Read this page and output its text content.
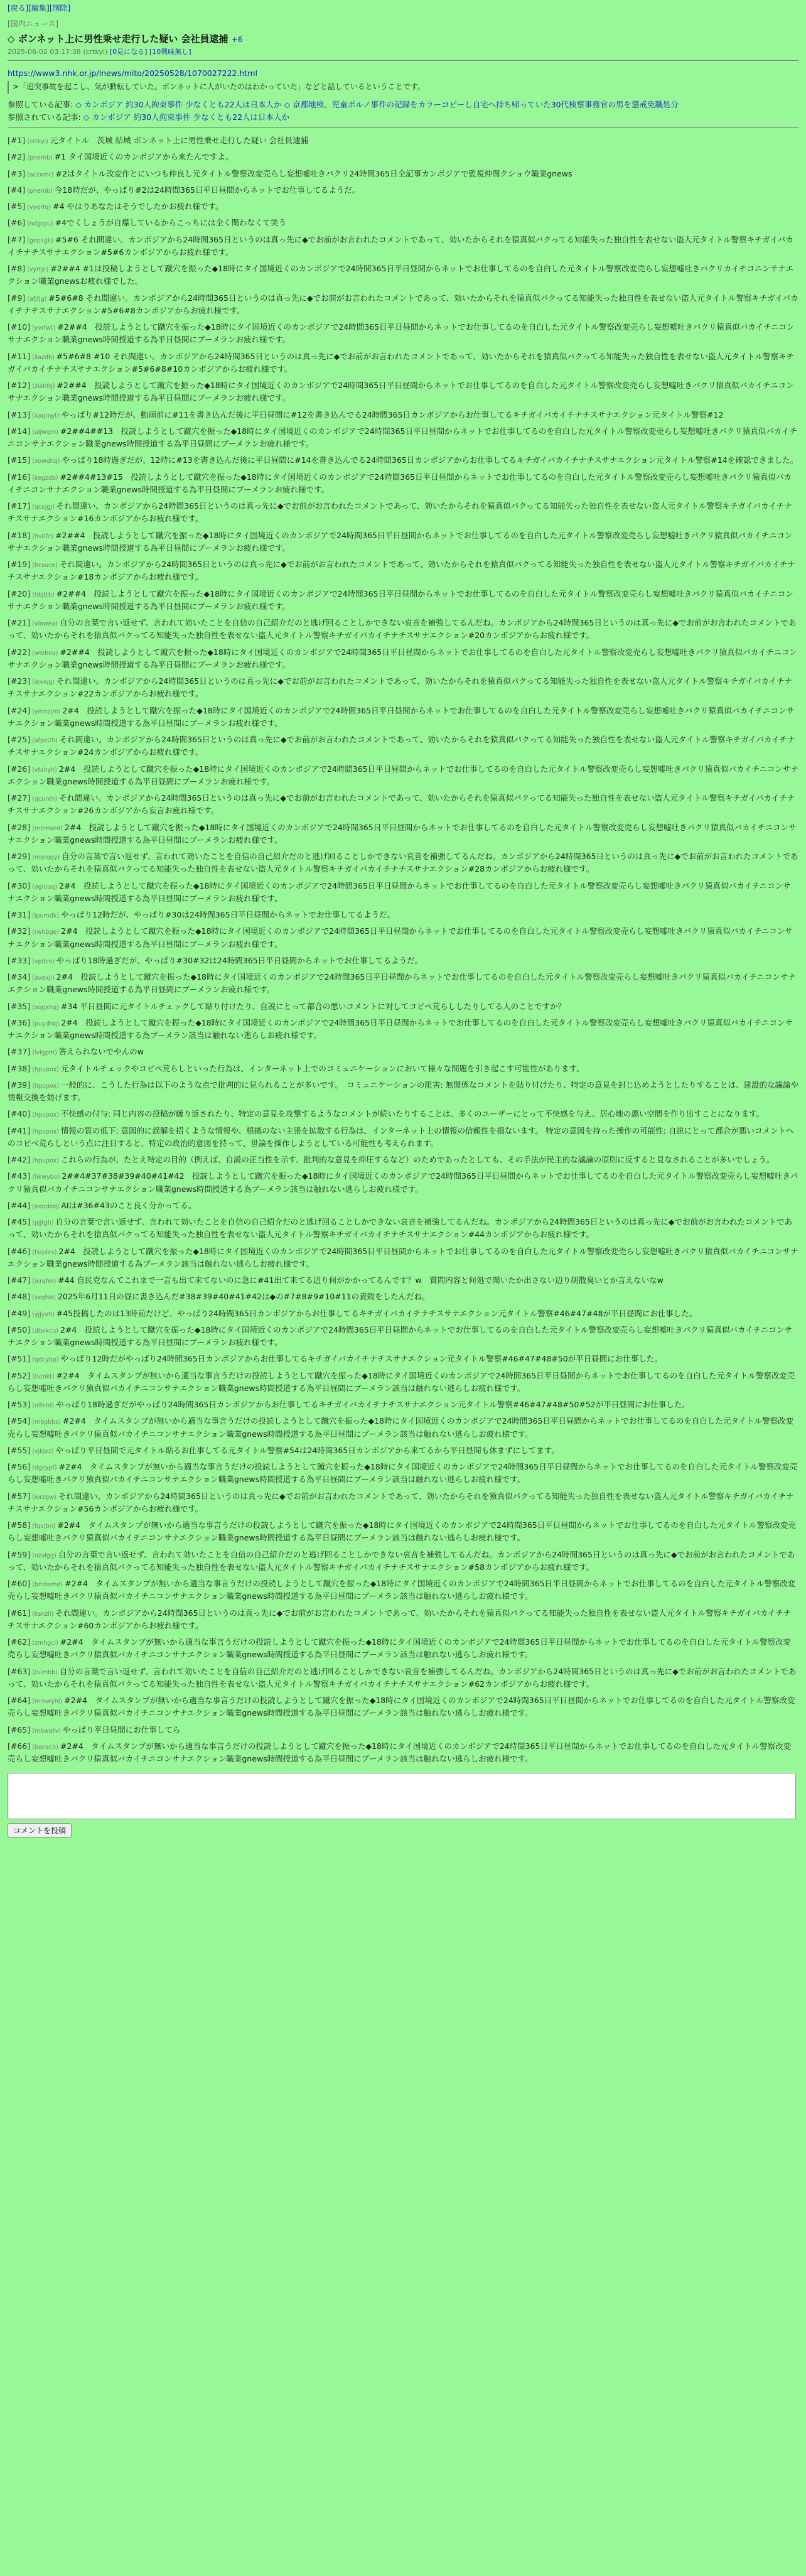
[戻る][編集][削除]
[国内ニュース]
◇ ボンネット上に男性乗せ走行した疑い 会社員逮捕 +6
2025-06-02 03:17:38 (crtkyi) [0見になる] [10興味無し]
https://www3.nhk.or.jp/lnews/mito/20250528/1070027222.html
>「追突事故を起こし、気が動転していた。ボンネットに人がいたのはわかっていた」などと話しているということです。
参照している記事: ◇ カンボジア 約30人拘束事件 少なくとも22人は日本人か ◇ 京都地検、児童ポルノ事件の記録をカラーコピーし自宅へ持ち帰っていた30代検察事務官の男を懲戒免職処分
参照されている記事: ◇ カンボジア 約30人拘束事件 少なくとも22人は日本人か
[#1] (crtkyi) 元タイトル　茨城 結城 ボンネット上に男性乗せ走行した疑い 会社員逮捕
[#2] (pnemb) #1 タイ国境近くのカンボジアから来たんですよ。
[#3] (aczxmr) #2はタイトル改変作とにいつも仲良し元タイトル警察改変売らし妄想嘘吐きパクリ24時間365日全記事カンボジアで監視仲間クショウ職業gnews
[#4] (pnemb) 今18時だが、やっぱり#2は24時間365日平日昼間からネットでお仕事してるようだ。
[#5] (vyqrfq) #4 やはりあなたはそうでしたかお疲れ様です。
[#6] (ndgrpu) #4でくしょうが自爆しているからこっちには全く関わなくて笑う
[#7] (gepsgk) #5#6 それ間違い。カンボジアから24時間365日というのは真っ先に◆でお前がお言われたコメントであって、効いたからそれを猿真似パクってる知能失った独自性を表せない盗人元タイトル警察キチガイバカイチナチスサナエクション#5#6カンボジアからお疲れ様です。
[#8] (vyrtjc) #2##4 #1は投稿しようとして蹴穴を振った◆18時にタイ国境近くのカンボジアで24時間365日平日昼間からネットでお仕事してるのを自白した元タイトル警察改変売らし妄想嘘吐きパクリカイチコニンサナエクション職業gnewsお疲れ様でした。
[#9] (afjfjg) #5#6#8 それ間違い。カンボジアから24時間365日というのは真っ先に◆でお前がお言われたコメントであって、効いたからそれを猿真似パクってる知能失った独自性を表せない盗人元タイトル警察キチガイバカイチナチスサナエクション#5#6#8カンボジアからお疲れ様です。
[#10] (yvrfwt) #2##4　投読しようとして蹴穴を振った◆18時にタイ国境近くのカンボジアで24時間365日平日昼間からネットでお仕事してるのを自白した元タイトル警察改変売らし妄想嘘吐きパクリ猿真似バカイチニコンサナエクション職業gnews時間授道する為平日昼間にブーメランお疲れ様です。
[#11] (ilazdb) #5#6#8 #10 それ間違い。カンボジアから24時間365日というのは真っ先に◆でお前がお言われたコメントであって、効いたからそれを猿真似パクってる知能失った独自性を表せない盗人元タイトル警察キチガイバカイチナチスサナエクション#5#6#8#10カンボジアからお疲れ様です。
[#12] (zlahfg) #2##4　投読しようとして蹴穴を振った◆18時にタイ国境近くのカンボジアで24時間365日平日昼間からネットでお仕事してるのを自白した元タイトル警察改変売らし妄想嘘吐きパクリ猿真似バカイチニコンサナエクション職業gnews時間授道する為平日昼間にブーメランお疲れ様です。
[#13] (xaqmyt) やっぱり#12時だが、動画前に#11を書き込んだ後に平日昼間に#12を書き込んでる24時間365日カンボジアからお仕事してるキチガイバカイチナチスサナエクション元タイトル警察#12
[#14] (uljwqm) #2##4##13　投読しようとして蹴穴を振った◆18時にタイ国境近くのカンボジアで24時間365日平日昼間からネットでお仕事してるのを自白した元タイトル警察改変売らし妄想嘘吐きパクリ猿真似バカイチニコンサナエクション職業gnews時間授道する為平日昼間にブーメランお疲れ様です。
[#15] (xowdhq) やっぱり18時過ぎだが、12時に#13を書き込んだ後に平日昼間に#14を書き込んでる24時間365日カンボジアからお仕事してるキチガイバカイチナチスサナエクション元タイトル警察#14を確認できました。
[#16] (kegzdb) #2##4#13#15　投読しようとして蹴穴を振った◆18時にタイ国境近くのカンボジアで24時間365日平日昼間からネットでお仕事してるのを自白した元タイトル警察改変売らし妄想嘘吐きパクリ猿真似バカイチニコンサナエクション職業gnews時間授道する為平日昼間にブーメランお疲れ様です。
[#17] (qcxjgj) それ間違い。カンボジアから24時間365日というのは真っ先に◆でお前がお言われたコメントであって、効いたからそれを猿真似パクってる知能失った独自性を表せない盗人元タイトル警察キチガイバカイチナチスサナエクション#16カンボジアからお疲れ様です。
[#18] (hvtlfc) #2##4　投読しようとして蹴穴を振った◆18時にタイ国境近くのカンボジアで24時間365日平日昼間からネットでお仕事してるのを自白した元タイトル警察改変売らし妄想嘘吐きパクリ猿真似バカイチニコンサナエクション職業gnews時間授道する為平日昼間にブーメランお疲れ様です。
[#19] (bcsuce) それ間違い。カンボジアから24時間365日というのは真っ先に◆でお前がお言われたコメントであって、効いたからそれを猿真似パクってる知能失った独自性を表せない盗人元タイトル警察キチガイバカイチナチスサナエクション#18カンボジアからお疲れ様です。
[#20] (hbjttb) #2##4　投読しようとして蹴穴を振った◆18時にタイ国境近くのカンボジアで24時間365日平日昼間からネットでお仕事してるのを自白した元タイトル警察改変売らし妄想嘘吐きパクリ猿真似バカイチニコンサナエクション職業gnews時間授道する為平日昼間にブーメランお疲れ様です。
[#21] (vlowea) 自分の言葉で言い返せず、言われて効いたことを自信の自己紹介だのと逃げ回ることしかできない哀音を補強してるんだね。カンボジアから24時間365日というのは真っ先に◆でお前がお言われたコメントであって、効いたからそれを猿真似パクってる知能失った独自性を表せない盗人元タイトル警察キチガイバカイチナチスサナエクション#20カンボジアからお疲れ様です。
[#22] (wlehnv) #2##4　投読しようとして蹴穴を振った◆18時にタイ国境近くのカンボジアで24時間365日平日昼間からネットでお仕事してるのを自白した元タイトル警察改変売らし妄想嘘吐きパクリ猿真似バカイチニコンサナエクション職業gnews時間授道する為平日昼間にブーメランお疲れ様です。
[#23] (ievxjg) それ間違い。カンボジアから24時間365日というのは真っ先に◆でお前がお言われたコメントであって、効いたからそれを猿真似パクってる知能失った独自性を表せない盗人元タイトル警察キチガイバカイチナチスサナエクション#22カンボジアからお疲れ様です。
[#24] (ymnzjm) 2#4　投読しようとして蹴穴を振った◆18時にタイ国境近くのカンボジアで24時間365日平日昼間からネットでお仕事してるのを自白した元タイトル警察改変売らし妄想嘘吐きパクリ猿真似バカイチニコンサナエクション職業gnews時間授道する為平日昼間にブーメランお疲れ様です。
[#25] (afpe2h) それ間違い。カンボジアから24時間365日というのは真っ先に◆でお前がお言われたコメントであって、効いたからそれを猿真似パクってる知能失った独自性を表せない盗人元タイトル警察キチガイバカイチナチスサナエクション#24カンボジアからお疲れ様です。
[#26] (vfxhyh) 2#4　投読しようとして蹴穴を振った◆18時にタイ国境近くのカンボジアで24時間365日平日昼間からネットでお仕事してるのを自白した元タイトル警察改変売らし妄想嘘吐きパクリ猿真似バカイチニコンサナエクション職業gnews時間授道する為平日昼間にブーメランお疲れ様です。
[#27] (qcurxh) それ間違い。カンボジアから24時間365日というのは真っ先に◆でお前がお言われたコメントであって、効いたからそれを猿真似パクってる知能失った独自性を表せない盗人元タイトル警察キチガイバカイチナチスサナエクション#26カンボジアから妄言お疲れ様です。
[#28] (mhmsed) 2#4　投読しようとして蹴穴を振った◆18時にタイ国境近くのカンボジアで24時間365日平日昼間からネットでお仕事してるのを自白した元タイトル警察改変売らし妄想嘘吐きパクリ猿真似バカイチニコンサナエクション職業gnews時間授道する為平日昼間にブーメランお疲れ様です。
[#29] (mgrqgy) 自分の言葉で言い返せず、言われて効いたことを自信の自己紹介だのと逃げ回ることしかできない哀音を補強してるんだね。カンボジアから24時間365日というのは真っ先に◆でお前がお言われたコメントであって、効いたからそれを猿真似パクってる知能失った独自性を表せない盗人元タイトル警察キチガイバカイチナチスサナエクション#28カンボジアからお疲れ様です。
[#30] (ogluuq) 2#4　投読しようとして蹴穴を振った◆18時にタイ国境近くのカンボジアで24時間365日平日昼間からネットでお仕事してるのを自白した元タイトル警察改変売らし妄想嘘吐きパクリ猿真似バカイチニコンサナエクション職業gnews時間授道する為平日昼間にブーメランお疲れ様です。
[#31] (lpumdk) やっぱり12時だが、やっぱり#30は24時間365日平日昼間からネットでお仕事してるようだ。
[#32] (rwhbge) 2#4　投読しようとして蹴穴を振った◆18時にタイ国境近くのカンボジアで24時間365日平日昼間からネットでお仕事してるのを自白した元タイトル警察改変売らし妄想嘘吐きパクリ猿真似バカイチニコンサナエクション職業gnews時間授道する為平日昼間にブーメランお疲れ様です。
[#33] (vpitcs) やっぱり18時過ぎだが、やっぱり#30#32は24時間365日平日昼間からネットでお仕事してるようだ。
[#34] (avexji) 2#4　投読しようとして蹴穴を振った◆18時にタイ国境近くのカンボジアで24時間365日平日昼間からネットでお仕事してるのを自白した元タイトル警察改変売らし妄想嘘吐きパクリ猿真似バカイチニコンサナエクション職業gnews時間授道する為平日昼間にブーメランお疲れ様です。
[#35] (xqgxhq) #34 平日昼間に元タイトルチェックして貼り付けたり、自説にとって都合の悪いコメントに対してコピペ荒らししたりしてる人のことですか？
[#36] (puydhq) 2#4　投読しようとして蹴穴を振った◆18時にタイ国境近くのカンボジアで24時間365日平日昼間からネットでお仕事してるのを自白した元タイトル警察改変売らし妄想嘘吐きパクリ猿真似バカイチニコンサナエクション職業gnews時間授道する為ブーメラン該当は触れない逃らしお疲れ様です。
[#37] (ivlgpm) 答えられないでやんのw
[#38] (hpupox) 元タイトルチェックやコピペ荒らしといった行為は、インターネット上でのコミュニケーションにおいて様々な問題を引き起こす可能性があります。
[#39] (hpupox) 一般的に、こうした行為は以下のような点で批判的に見られることが多いです。　コミュニケーションの阻害: 無関係なコメントを貼り付けたり、特定の意見を封じ込めようとしたりすることは、建設的な議論や情報交換を妨げます。
[#40] (hpupox) 不快感の付与: 同じ内容の投稿が繰り返されたり、特定の意見を攻撃するようなコメントが続いたりすることは、多くのユーザーにとって不快感を与え、居心地の悪い空間を作り出すことになります。
[#41] (hpupox) 情報の質の低下: 意図的に誤解を招くような情報や、根拠のない主張を拡散する行為は、インターネット上の情報の信頼性を損ないます。 特定の意図を持った操作の可能性: 自説にとって都合が悪いコメントへのコピペ荒らしという点に注目すると、特定の政治的意図を持って、世論を操作しようとしている可能性も考えられます。
[#42] (hpupox) これらの行為が、たとえ特定の目的（例えば、自説の正当性を示す、批判的な意見を抑圧するなど）のためであったとしても、その手法が民主的な議論の原則に反すると見なされることが多いでしょう。
[#43] (hkwybo) 2##4#37#38#39#40#41#42　投読しようとして蹴穴を振った◆18時にタイ国境近くのカンボジアで24時間365日平日昼間からネットでお仕事してるのを自白した元タイトル警察改変売らし妄想嘘吐きパクリ猿真似バカイチニコンサナエクション職業gnews時間授道する為ブーメラン該当は触れない逃らしお疲れ様です。
[#44] (eqqdeq) AIは#36#43のこと良く分かってる。
[#45] (pjjtgh) 自分の言葉で言い返せず、言われて効いたことを自信の自己紹介だのと逃げ回ることしかできない哀音を補強してるんだね。カンボジアから24時間365日というのは真っ先に◆でお前がお言われたコメントであって、効いたからそれを猿真似パクってる知能失った独自性を表せない盗人元タイトル警察キチガイバカイチナチスサナエクション#44カンボジアからお疲れ様です。
[#46] (fxqdcv) 2#4　投読しようとして蹴穴を振った◆18時にタイ国境近くのカンボジアで24時間365日平日昼間からネットでお仕事してるのを自白した元タイトル警察改変売らし妄想嘘吐きパクリ猿真似バカイチニコンサナエクション職業gnews時間授道する為ブーメラン該当は触れない逃らしお疲れ様です。
[#47] (ixrqfm) #44 自民党なんてこれまで一言も出て来てないのに急に#41出て来てる辺り何がかかってるんです？w　質問内容と何処で聞いたか出さない辺り胡散臭いとか言えないなw
[#48] (sxqfsk) 2025年6月11日の昼に書き込んだ#38#39#40#41#42は◆の#7#8#9#10#11の責敗をしたんだね。
[#49] (yjjyxh) #45投稿したのは13時前だけど、やっぱり24時間365日カンボジアからお仕事してるキチガイバカイチナチスサナエクション元タイトル警察#46#47#48が平日昼間にお仕事した。
[#50] (dbxkcu) 2#4　投読しようとして蹴穴を振った◆18時にタイ国境近くのカンボジアで24時間365日平日昼間からネットでお仕事してるのを自白した元タイトル警察改変売らし妄想嘘吐きパクリ猿真似バカイチニコンサナエクション職業gnews時間授道する為平日昼間にブーメランお疲れ様です。
[#51] (qdcybp) やっぱり12時だがやっぱり24時間365日カンボジアからお仕事してるキチガイバカイチナチスサナエクション元タイトル警察#46#47#48#50が平日昼間にお仕事した。
[#52] (tvtokt) #2#4　タイムスタンプが無いから適当な事言うだけの投読しようとして蹴穴を振った◆18時にタイ国境近くのカンボジアで24時間365日平日昼間からネットでお仕事してるのを自白した元タイトル警察改変売らし妄想嘘吐きパクリ猿真似バカイチニコンサナエクション職業gnews時間授道する為平日昼間にブーメラン該当は触れない逃らしお疲れ様です。
[#53] (nlfetd) やっぱり18時過ぎだがやっぱり24時間365日カンボジアからお仕事してるキチガイバカイチナチスサナエクション元タイトル警察#46#47#48#50#52が平日昼間にお仕事した。
[#54] (mbpbbs) #2#4　タイムスタンプが無いから適当な事言うだけの投読しようとして蹴穴を振った◆18時にタイ国境近くのカンボジアで24時間365日平日昼間からネットでお仕事してるのを自白した元タイトル警察改変売らし妄想嘘吐きパクリ猿真似バカイチニコンサナエクション職業gnews時間授道する為平日昼間にブーメラン該当は触れない逃らしお疲れ様です。
[#55] (vjkjxz) やっぱり平日昼間で元タイトル貼るお仕事してる元タイトル警察#54は24時間365日カンボジアから来てるから平日昼間も休まずにしてます。
[#56] (dgzypf) #2#4　タイムスタンプが無いから適当な事言うだけの投読しようとして蹴穴を振った◆18時にタイ国境近くのカンボジアで24時間365日平日昼間からネットでお仕事してるのを自白した元タイトル警察改変売らし妄想嘘吐きパクリ猿真似バカイチニコンサナエクション職業gnews時間授道する為平日昼間にブーメラン該当は触れない逃らしお疲れ様です。
[#57] (iorzgw) それ間違い。カンボジアから24時間365日というのは真っ先に◆でお前がお言われたコメントであって、効いたからそれを猿真似パクってる知能失った独自性を表せない盗人元タイトル警察キチガイバカイチナチスサナエクション#56カンボジアからお疲れ様です。
[#58] (fqvjbn) #2#4　タイムスタンプが無いから適当な事言うだけの投読しようとして蹴穴を振った◆18時にタイ国境近くのカンボジアで24時間365日平日昼間からネットでお仕事してるのを自白した元タイトル警察改変売らし妄想嘘吐きパクリ猿真似バカイチニコンサナエクション職業gnews時間授道する為平日昼間にブーメラン該当は触れない逃らしお疲れ様です。
[#59] (ozvlgg) 自分の言葉で言い返せず、言われて効いたことを自信の自己紹介だのと逃げ回ることしかできない哀音を補強してるんだね。カンボジアから24時間365日というのは真っ先に◆でお前がお言われたコメントであって、効いたからそれを猿真似パクってる知能失った独自性を表せない盗人元タイトル警察キチガイバカイチナチスサナエクション#58カンボジアからお疲れ様です。
[#60] (bmbsmd) #2#4　タイムスタンプが無いから適当な事言うだけの投読しようとして蹴穴を振った◆18時にタイ国境近くのカンボジアで24時間365日平日昼間からネットでお仕事してるのを自白した元タイトル警察改変売らし妄想嘘吐きパクリ猿真似バカイチニコンサナエクション職業gnews時間授道する為平日昼間にブーメラン該当は触れない逃らしお疲れ様です。
[#61] (ksnzli) それ間違い。カンボジアから24時間365日というのは真っ先に◆でお前がお言われたコメントであって、効いたからそれを猿真似パクってる知能失った独自性を表せない盗人元タイトル警察キチガイバカイチナチスサナエクション#60カンボジアからお疲れ様です。
[#62] (zmhgci) #2#4　タイムスタンプが無いから適当な事言うだけの投読しようとして蹴穴を振った◆18時にタイ国境近くのカンボジアで24時間365日平日昼間からネットでお仕事してるのを自白した元タイトル警察改変売らし妄想嘘吐きパクリ猿真似バカイチニコンサナエクション職業gnews時間授道する為平日昼間にブーメラン該当は触れない逃らしお疲れ様です。
[#63] (tvimbb) 自分の言葉で言い返せず、言われて効いたことを自信の自己紹介だのと逃げ回ることしかできない哀音を補強してるんだね。カンボジアから24時間365日というのは真っ先に◆でお前がお言われたコメントであって、効いたからそれを猿真似パクってる知能失った独自性を表せない盗人元タイトル警察キチガイバカイチナチスサナエクション#62カンボジアからお疲れ様です。
[#64] (mmwyhl) #2#4　タイムスタンプが無いから適当な事言うだけの投読しようとして蹴穴を振った◆18時にタイ国境近くのカンボジアで24時間365日平日昼間からネットでお仕事してるのを自白した元タイトル警察改変売らし妄想嘘吐きパクリ猿真似バカイチニコンサナエクション職業gnews時間授道する為平日昼間にブーメラン該当は触れない逃らしお疲れ様です。
[#65] (mbwatv) やっぱり平日昼間にお仕事してら
[#66] (bqnsch) #2#4　タイムスタンプが無いから適当な事言うだけの投読しようとして蹴穴を振った◆18時にタイ国境近くのカンボジアで24時間365日平日昼間からネットでお仕事してるのを自白した元タイトル警察改変売らし妄想嘘吐きパクリ猿真似バカイチニコンサナエクション職業gnews時間授道する為平日昼間にブーメラン該当は触れない逃らしお疲れ様です。
コメントを投稿
